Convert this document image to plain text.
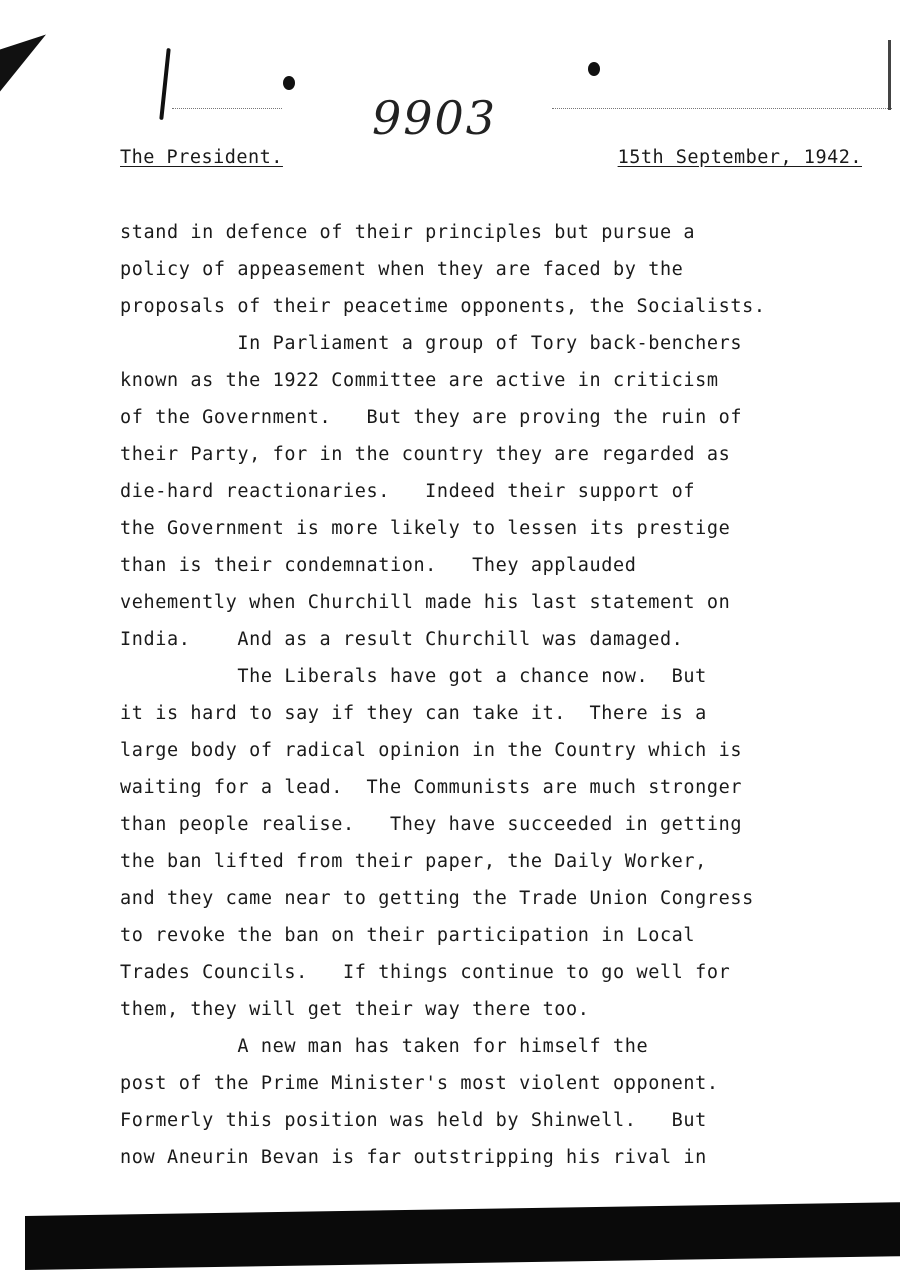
9903
The President.	15th September, 1942.
stand in defence of their principles but pursue a
policy of appeasement when they are faced by the
proposals of their peacetime opponents, the Socialists.
In Parliament a group of Tory back-benchers
known as the 1922 Committee are active in criticism
of the Government.   But they are proving the ruin of
their Party, for in the country they are regarded as
die-hard reactionaries.   Indeed their support of
the Government is more likely to lessen its prestige
than is their condemnation.   They applauded
vehemently when Churchill made his last statement on
India.    And as a result Churchill was damaged.
The Liberals have got a chance now.  But
it is hard to say if they can take it.  There is a
large body of radical opinion in the Country which is
waiting for a lead.  The Communists are much stronger
than people realise.   They have succeeded in getting
the ban lifted from their paper, the Daily Worker,
and they came near to getting the Trade Union Congress
to revoke the ban on their participation in Local
Trades Councils.   If things continue to go well for
them, they will get their way there too.
A new man has taken for himself the
post of the Prime Minister's most violent opponent.
Formerly this position was held by Shinwell.   But
now Aneurin Bevan is far outstripping his rival in
